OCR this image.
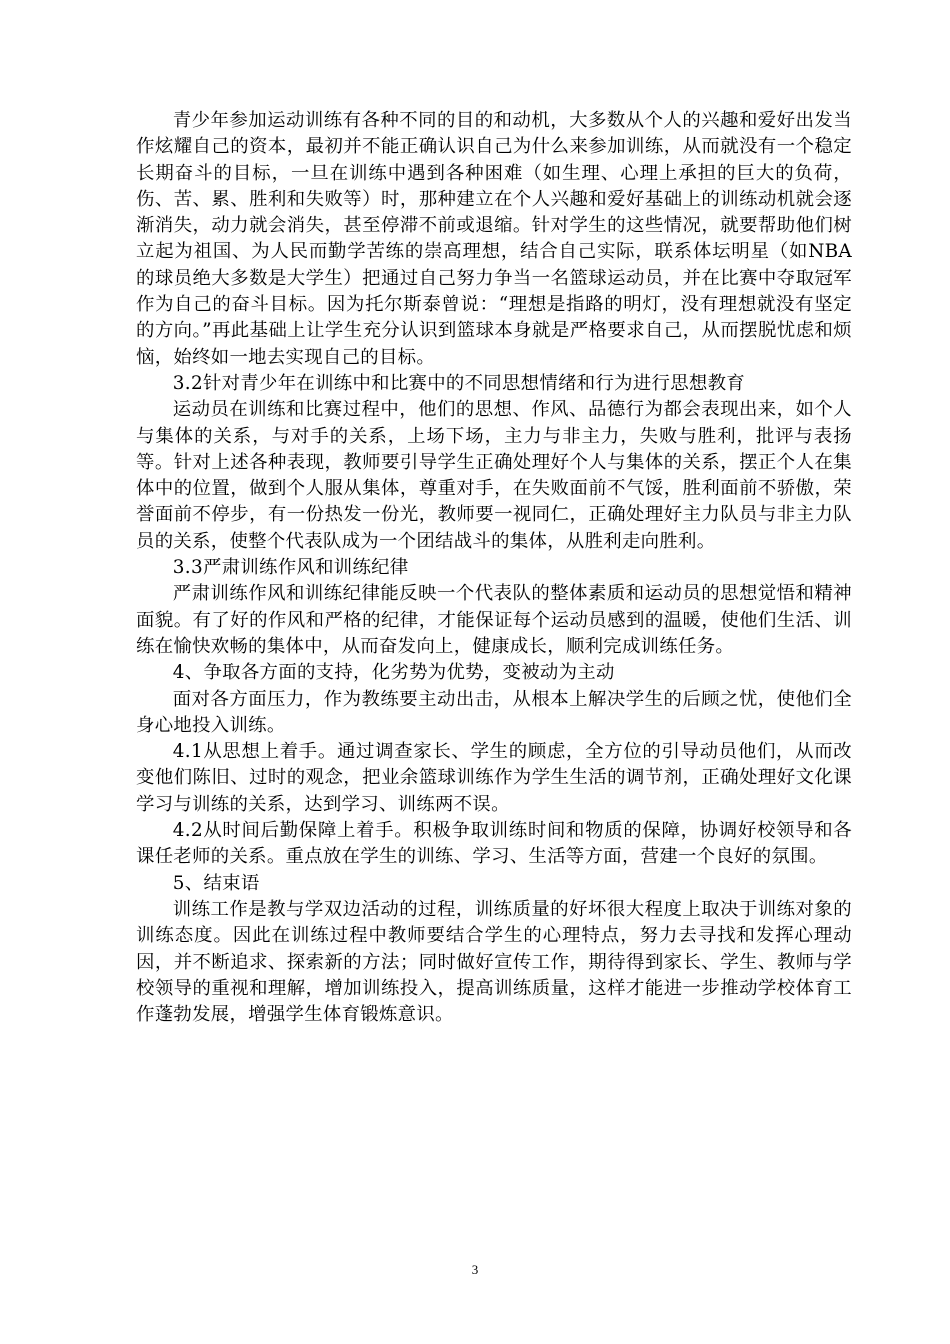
青少年参加运动训练有各种不同的目的和动机，大多数从个人的兴趣和爱好出发当作炫耀自己的资本，最初并不能正确认识自己为什么来参加训练，从而就没有一个稳定长期奋斗的目标，一旦在训练中遇到各种困难（如生理、心理上承担的巨大的负荷，伤、苦、累、胜利和失败等）时，那种建立在个人兴趣和爱好基础上的训练动机就会逐渐消失，动力就会消失，甚至停滞不前或退缩。针对学生的这些情况，就要帮助他们树立起为祖国、为人民而勤学苦练的崇高理想，结合自己实际，联系体坛明星（如NBA的球员绝大多数是大学生）把通过自己努力争当一名篮球运动员，并在比赛中夺取冠军作为自己的奋斗目标。因为托尔斯泰曾说：“理想是指路的明灯，没有理想就没有坚定的方向。”再此基础上让学生充分认识到篮球本身就是严格要求自己，从而摆脱忧虑和烦恼，始终如一地去实现自己的目标。

3.2针对青少年在训练中和比赛中的不同思想情绪和行为进行思想教育

运动员在训练和比赛过程中，他们的思想、作风、品德行为都会表现出来，如个人与集体的关系，与对手的关系，上场下场，主力与非主力，失败与胜利，批评与表扬等。针对上述各种表现，教师要引导学生正确处理好个人与集体的关系，摆正个人在集体中的位置，做到个人服从集体，尊重对手，在失败面前不气馁，胜利面前不骄傲，荣誉面前不停步，有一份热发一份光，教师要一视同仁，正确处理好主力队员与非主力队员的关系，使整个代表队成为一个团结战斗的集体，从胜利走向胜利。

3.3严肃训练作风和训练纪律

严肃训练作风和训练纪律能反映一个代表队的整体素质和运动员的思想觉悟和精神面貌。有了好的作风和严格的纪律，才能保证每个运动员感到的温暖，使他们生活、训练在愉快欢畅的集体中，从而奋发向上，健康成长，顺利完成训练任务。

4、争取各方面的支持，化劣势为优势，变被动为主动

面对各方面压力，作为教练要主动出击，从根本上解决学生的后顾之忧，使他们全身心地投入训练。

4.1从思想上着手。通过调查家长、学生的顾虑，全方位的引导动员他们，从而改变他们陈旧、过时的观念，把业余篮球训练作为学生生活的调节剂，正确处理好文化课学习与训练的关系，达到学习、训练两不误。

4.2从时间后勤保障上着手。积极争取训练时间和物质的保障，协调好校领导和各课任老师的关系。重点放在学生的训练、学习、生活等方面，营建一个良好的氛围。

5、结束语

训练工作是教与学双边活动的过程，训练质量的好坏很大程度上取决于训练对象的训练态度。因此在训练过程中教师要结合学生的心理特点，努力去寻找和发挥心理动因，并不断追求、探索新的方法；同时做好宣传工作，期待得到家长、学生、教师与学校领导的重视和理解，增加训练投入，提高训练质量，这样才能进一步推动学校体育工作蓬勃发展，增强学生体育锻炼意识。

3
